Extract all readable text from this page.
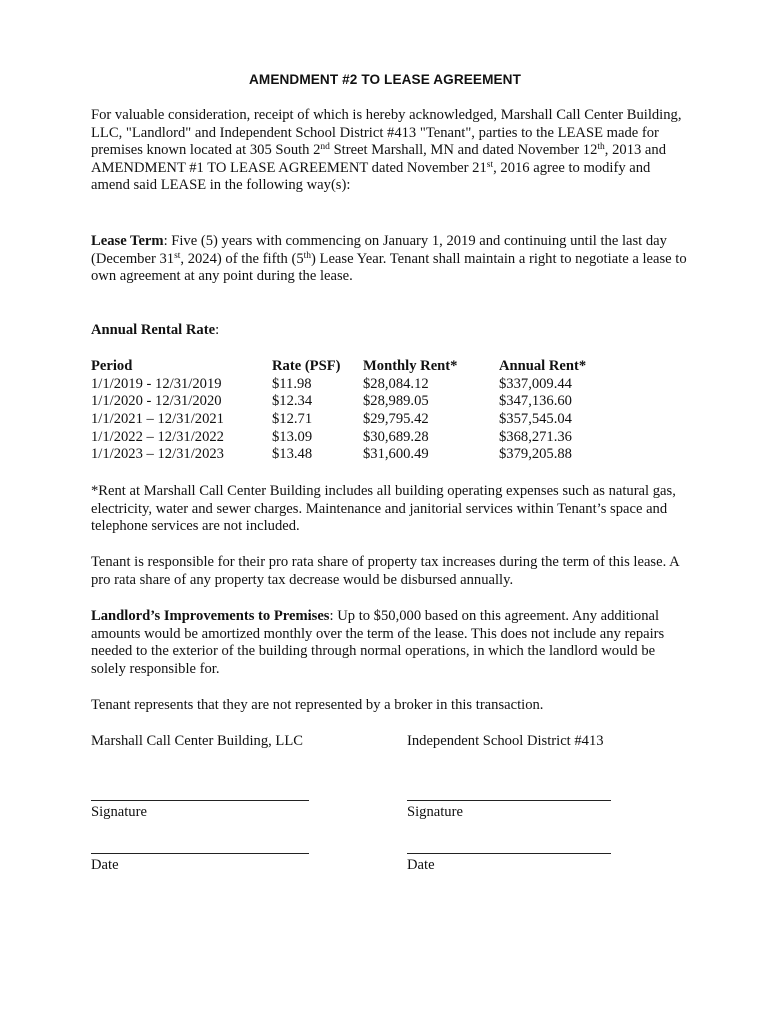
AMENDMENT #2 TO LEASE AGREEMENT

For valuable consideration, receipt of which is hereby acknowledged, Marshall Call Center Building, LLC, "Landlord" and Independent School District #413 "Tenant", parties to the LEASE made for premises known located at 305 South 2nd Street Marshall, MN and dated November 12th, 2013 and AMENDMENT #1 TO LEASE AGREEMENT dated November 21st, 2016 agree to modify and amend said LEASE in the following way(s):

Lease Term: Five (5) years with commencing on January 1, 2019 and continuing until the last day (December 31st, 2024) of the fifth (5th) Lease Year. Tenant shall maintain a right to negotiate a lease to own agreement at any point during the lease.

Annual Rental Rate:

Period	Rate (PSF)	Monthly Rent*	Annual Rent*
1/1/2019 - 12/31/2019	$11.98	$28,084.12	$337,009.44
1/1/2020 - 12/31/2020	$12.34	$28,989.05	$347,136.60
1/1/2021 – 12/31/2021	$12.71	$29,795.42	$357,545.04
1/1/2022 – 12/31/2022	$13.09	$30,689.28	$368,271.36
1/1/2023 – 12/31/2023	$13.48	$31,600.49	$379,205.88

*Rent at Marshall Call Center Building includes all building operating expenses such as natural gas, electricity, water and sewer charges. Maintenance and janitorial services within Tenant’s space and telephone services are not included.

Tenant is responsible for their pro rata share of property tax increases during the term of this lease. A pro rata share of any property tax decrease would be disbursed annually.

Landlord’s Improvements to Premises: Up to $50,000 based on this agreement. Any additional amounts would be amortized monthly over the term of the lease. This does not include any repairs needed to the exterior of the building through normal operations, in which the landlord would be solely responsible for.

Tenant represents that they are not represented by a broker in this transaction.

Marshall Call Center Building, LLC	Independent School District #413
Signature	Signature
Date	Date
